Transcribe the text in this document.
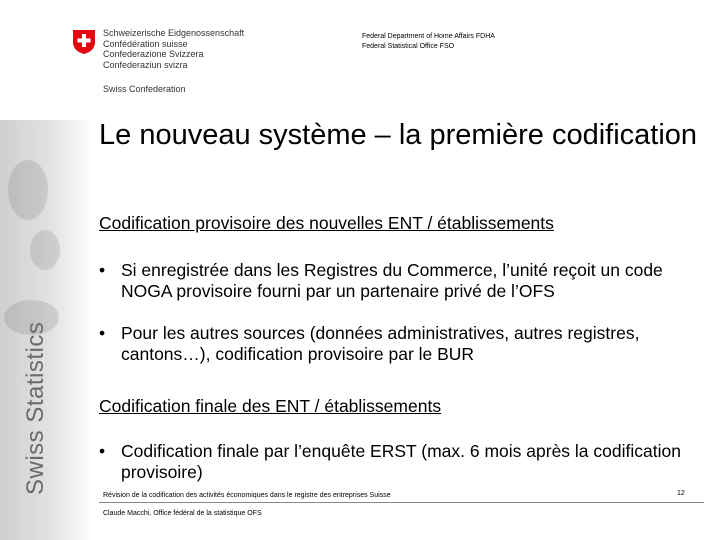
Swiss Statistics
Schweizerische Eidgenossenschaft
Confédération suisse
Confederazione Svizzera
Confederaziun svizra
Swiss Confederation
Federal Department of Home Affairs FDHA
Federal Statistical Office FSO
Le nouveau système – la première codification
Codification provisoire des nouvelles ENT / établissements
• Si enregistrée dans les Registres du Commerce, l’unité reçoit un code NOGA provisoire fourni par un partenaire privé de l’OFS
• Pour les autres sources (données administratives, autres registres, cantons…), codification provisoire par le BUR
Codification finale des ENT / établissements
• Codification finale par l’enquête ERST (max. 6 mois après la codification provisoire)
Révision de la codification des activités économiques dans le registre des entreprises Suisse	12
Claude Macchi, Office fédéral de la statistique OFS
